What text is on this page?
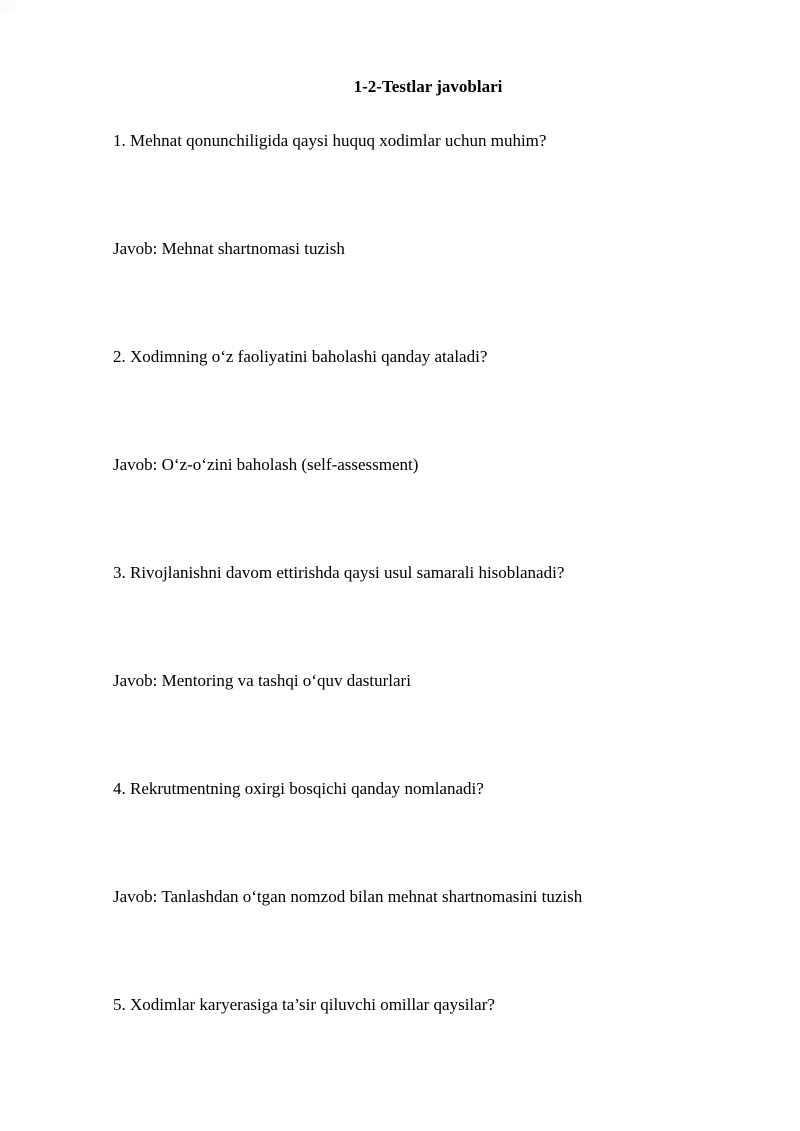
1-2-Testlar javoblari

1. Mehnat qonunchiligida qaysi huquq xodimlar uchun muhim?

Javob: Mehnat shartnomasi tuzish

2. Xodimning oʻz faoliyatini baholashi qanday ataladi?

Javob: Oʻz-oʻzini baholash (self-assessment)

3. Rivojlanishni davom ettirishda qaysi usul samarali hisoblanadi?

Javob: Mentoring va tashqi oʻquv dasturlari

4. Rekrutmentning oxirgi bosqichi qanday nomlanadi?

Javob: Tanlashdan oʻtgan nomzod bilan mehnat shartnomasini tuzish

5. Xodimlar karyerasiga ta’sir qiluvchi omillar qaysilar?
